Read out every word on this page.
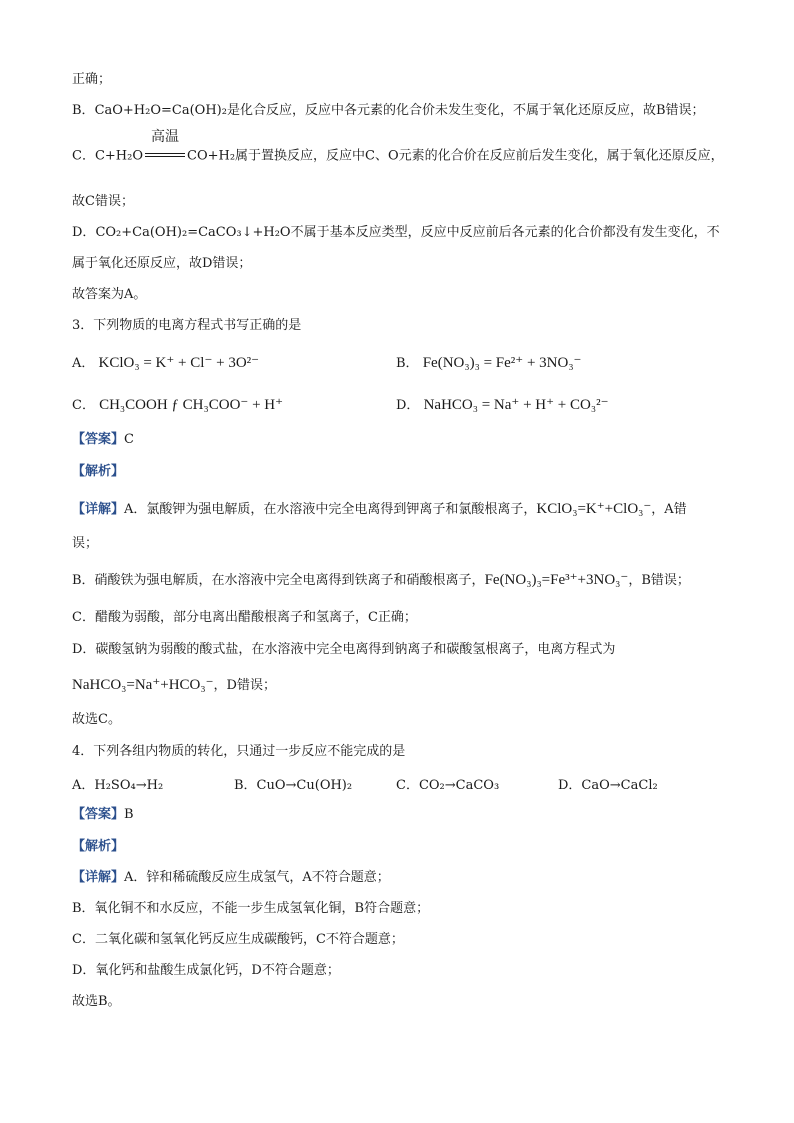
正确；
B．CaO+H₂O=Ca(OH)₂是化合反应，反应中各元素的化合价未发生变化，不属于氧化还原反应，故B错误；
C．C+H₂O
高温
CO+H₂属于置换反应，反应中C、O元素的化合价在反应前后发生变化，属于氧化还原反应，
故C错误；
D．CO₂+Ca(OH)₂=CaCO₃↓+H₂O不属于基本反应类型，反应中反应前后各元素的化合价都没有发生变化，不
属于氧化还原反应，故D错误；
故答案为A。
3．下列物质的电离方程式书写正确的是
A． KClO₃ = K⁺ + Cl⁻ + 3O²⁻	B． Fe(NO₃)₃ = Fe²⁺ + 3NO₃⁻
C． CH₃COOH ƒ CH₃COO⁻ + H⁺	D． NaHCO₃ = Na⁺ + H⁺ + CO₃²⁻
【答案】C
【解析】
【详解】A．氯酸钾为强电解质，在水溶液中完全电离得到钾离子和氯酸根离子，KClO₃=K⁺+ClO₃⁻，A错
误；
B．硝酸铁为强电解质，在水溶液中完全电离得到铁离子和硝酸根离子，Fe(NO₃)₃=Fe³⁺+3NO₃⁻，B错误；
C．醋酸为弱酸，部分电离出醋酸根离子和氢离子，C正确；
D．碳酸氢钠为弱酸的酸式盐，在水溶液中完全电离得到钠离子和碳酸氢根离子，电离方程式为
NaHCO₃=Na⁺+HCO₃⁻，D错误；
故选C。
4．下列各组内物质的转化，只通过一步反应不能完成的是
A．H₂SO₄→H₂	B．CuO→Cu(OH)₂	C．CO₂→CaCO₃	D．CaO→CaCl₂
【答案】B
【解析】
【详解】A．锌和稀硫酸反应生成氢气，A不符合题意；
B．氧化铜不和水反应，不能一步生成氢氧化铜，B符合题意；
C．二氧化碳和氢氧化钙反应生成碳酸钙，C不符合题意；
D．氧化钙和盐酸生成氯化钙，D不符合题意；
故选B。
